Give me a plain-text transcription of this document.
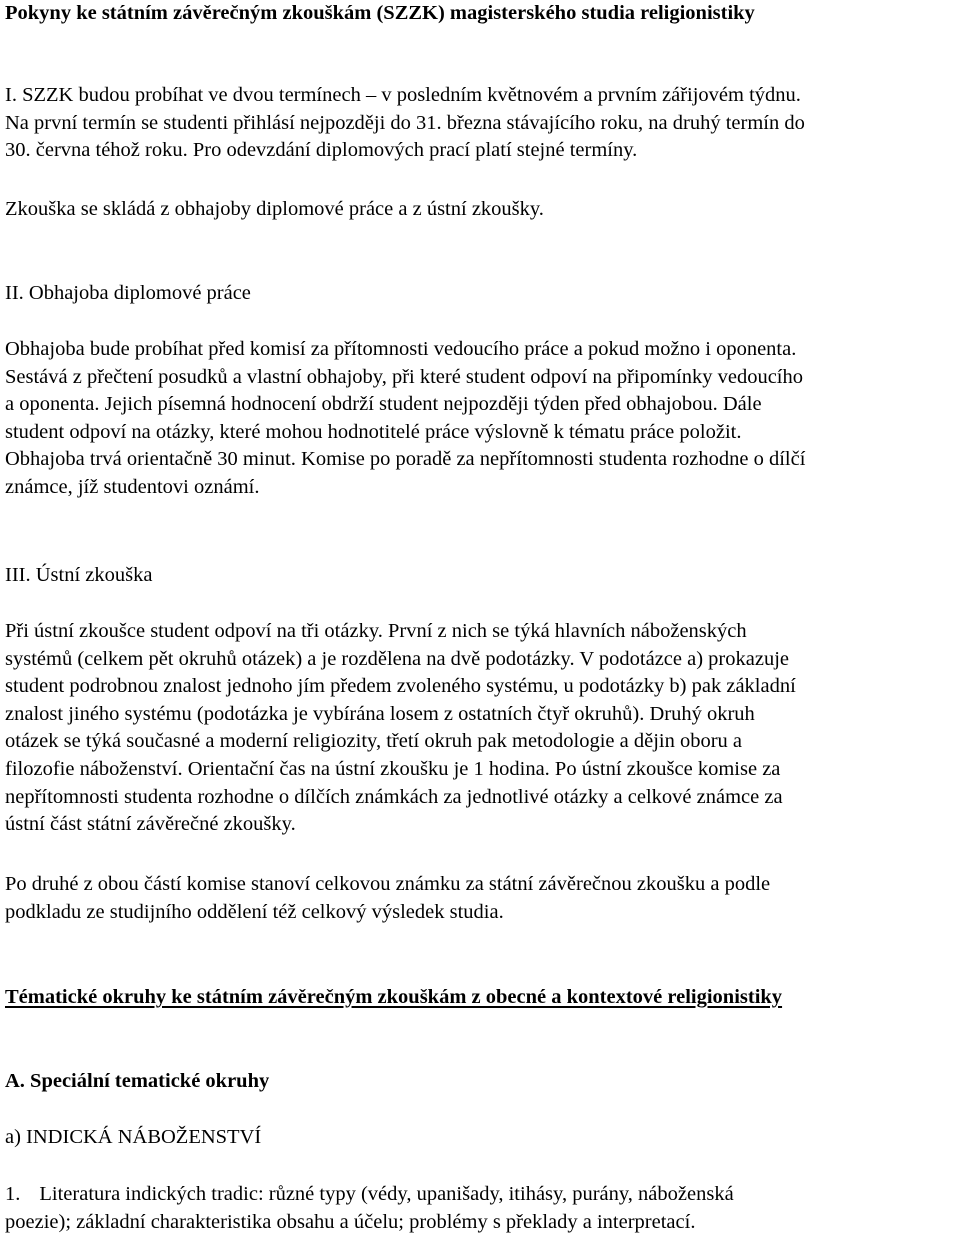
Pokyny ke státním závěrečným zkouškám (SZZK) magisterského studia religionistiky

I. SZZK budou probíhat ve dvou termínech – v posledním květnovém a prvním zářijovém týdnu.
Na první termín se studenti přihlásí nejpozději do 31. března stávajícího roku, na druhý termín do
30. června téhož roku. Pro odevzdání diplomových prací platí stejné termíny.

Zkouška se skládá z obhajoby diplomové práce a z ústní zkoušky.

II. Obhajoba diplomové práce

Obhajoba bude probíhat před komisí za přítomnosti vedoucího práce a pokud možno i oponenta.
Sestává z přečtení posudků a vlastní obhajoby, při které student odpoví na připomínky vedoucího
a oponenta. Jejich písemná hodnocení obdrží student nejpozději týden před obhajobou. Dále
student odpoví na otázky, které mohou hodnotitelé práce výslovně k tématu práce položit.
Obhajoba trvá orientačně 30 minut. Komise po poradě za nepřítomnosti studenta rozhodne o dílčí
známce, jíž studentovi oznámí.

III. Ústní zkouška

Při ústní zkoušce student odpoví na tři otázky. První z nich se týká hlavních náboženských
systémů (celkem pět okruhů otázek) a je rozdělena na dvě podotázky. V podotázce a) prokazuje
student podrobnou znalost jednoho jím předem zvoleného systému, u podotázky b) pak základní
znalost jiného systému (podotázka je vybírána losem z ostatních čtyř okruhů). Druhý okruh
otázek se týká současné a moderní religiozity, třetí okruh pak metodologie a dějin oboru a
filozofie náboženství. Orientační čas na ústní zkoušku je 1 hodina. Po ústní zkoušce komise za
nepřítomnosti studenta rozhodne o dílčích známkách za jednotlivé otázky a celkové známce za
ústní část státní závěrečné zkoušky.

Po druhé z obou částí komise stanoví celkovou známku za státní závěrečnou zkoušku a podle
podkladu ze studijního oddělení též celkový výsledek studia.

Tématické okruhy ke státním závěrečným zkouškám z obecné a kontextové religionistiky
A. Speciální tematické okruhy
a) INDICKÁ NÁBOŽENSTVÍ
1. Literatura indických tradic: různé typy (védy, upanišady, itihásy, purány, náboženská
poezie); základní charakteristika obsahu a účelu; problémy s překlady a interpretací.
